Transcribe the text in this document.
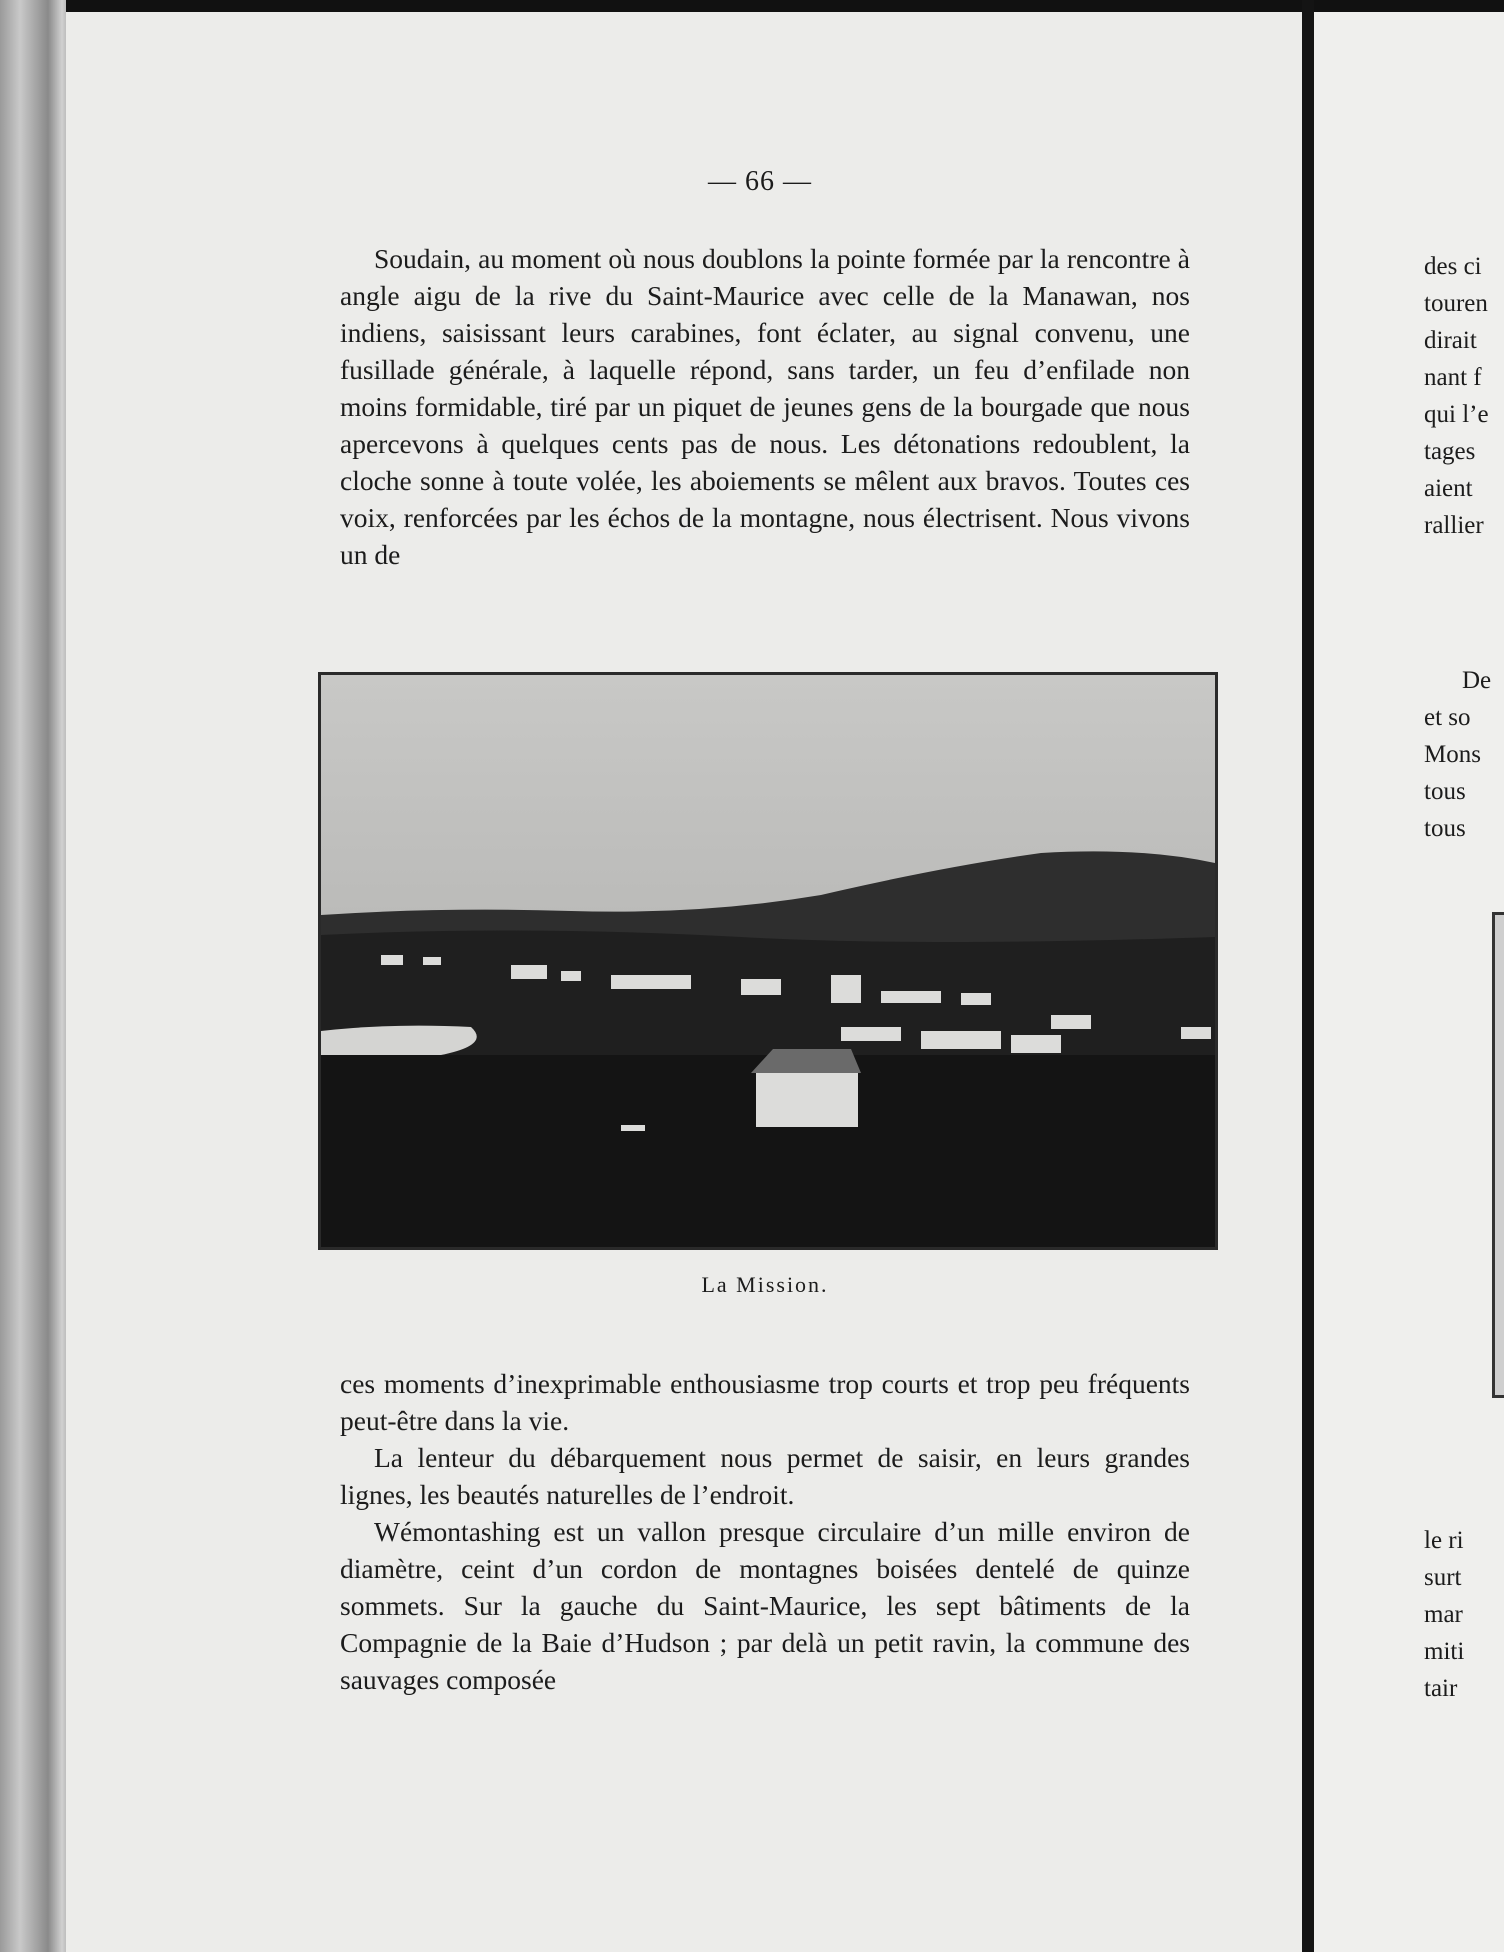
— 66 —

Soudain, au moment où nous doublons la pointe formée par la rencontre à angle aigu de la rive du Saint-Maurice avec celle de la Manawan, nos indiens, saisissant leurs carabines, font éclater, au signal convenu, une fusillade générale, à laquelle répond, sans tarder, un feu d’enfilade non moins formidable, tiré par un piquet de jeunes gens de la bourgade que nous apercevons à quelques cents pas de nous. Les détonations redoublent, la cloche sonne à toute volée, les aboiements se mêlent aux bravos. Toutes ces voix, renforcées par les échos de la montagne, nous électrisent. Nous vivons un de

La Mission.

ces moments d’inexprimable enthousiasme trop courts et trop peu fréquents peut-être dans la vie.

La lenteur du débarquement nous permet de saisir, en leurs grandes lignes, les beautés naturelles de l’endroit.

Wémontashing est un vallon presque circulaire d’un mille environ de diamètre, ceint d’un cordon de montagnes boisées dentelé de quinze sommets. Sur la gauche du Saint-Maurice, les sept bâtiments de la Compagnie de la Baie d’Hudson ; par delà un petit ravin, la commune des sauvages composée

des ci
touren
dirait
nant f
qui l’e
tages
aient
rallier
De
et so
Mons
tous
tous
le ri
surt
mar
miti
tair
